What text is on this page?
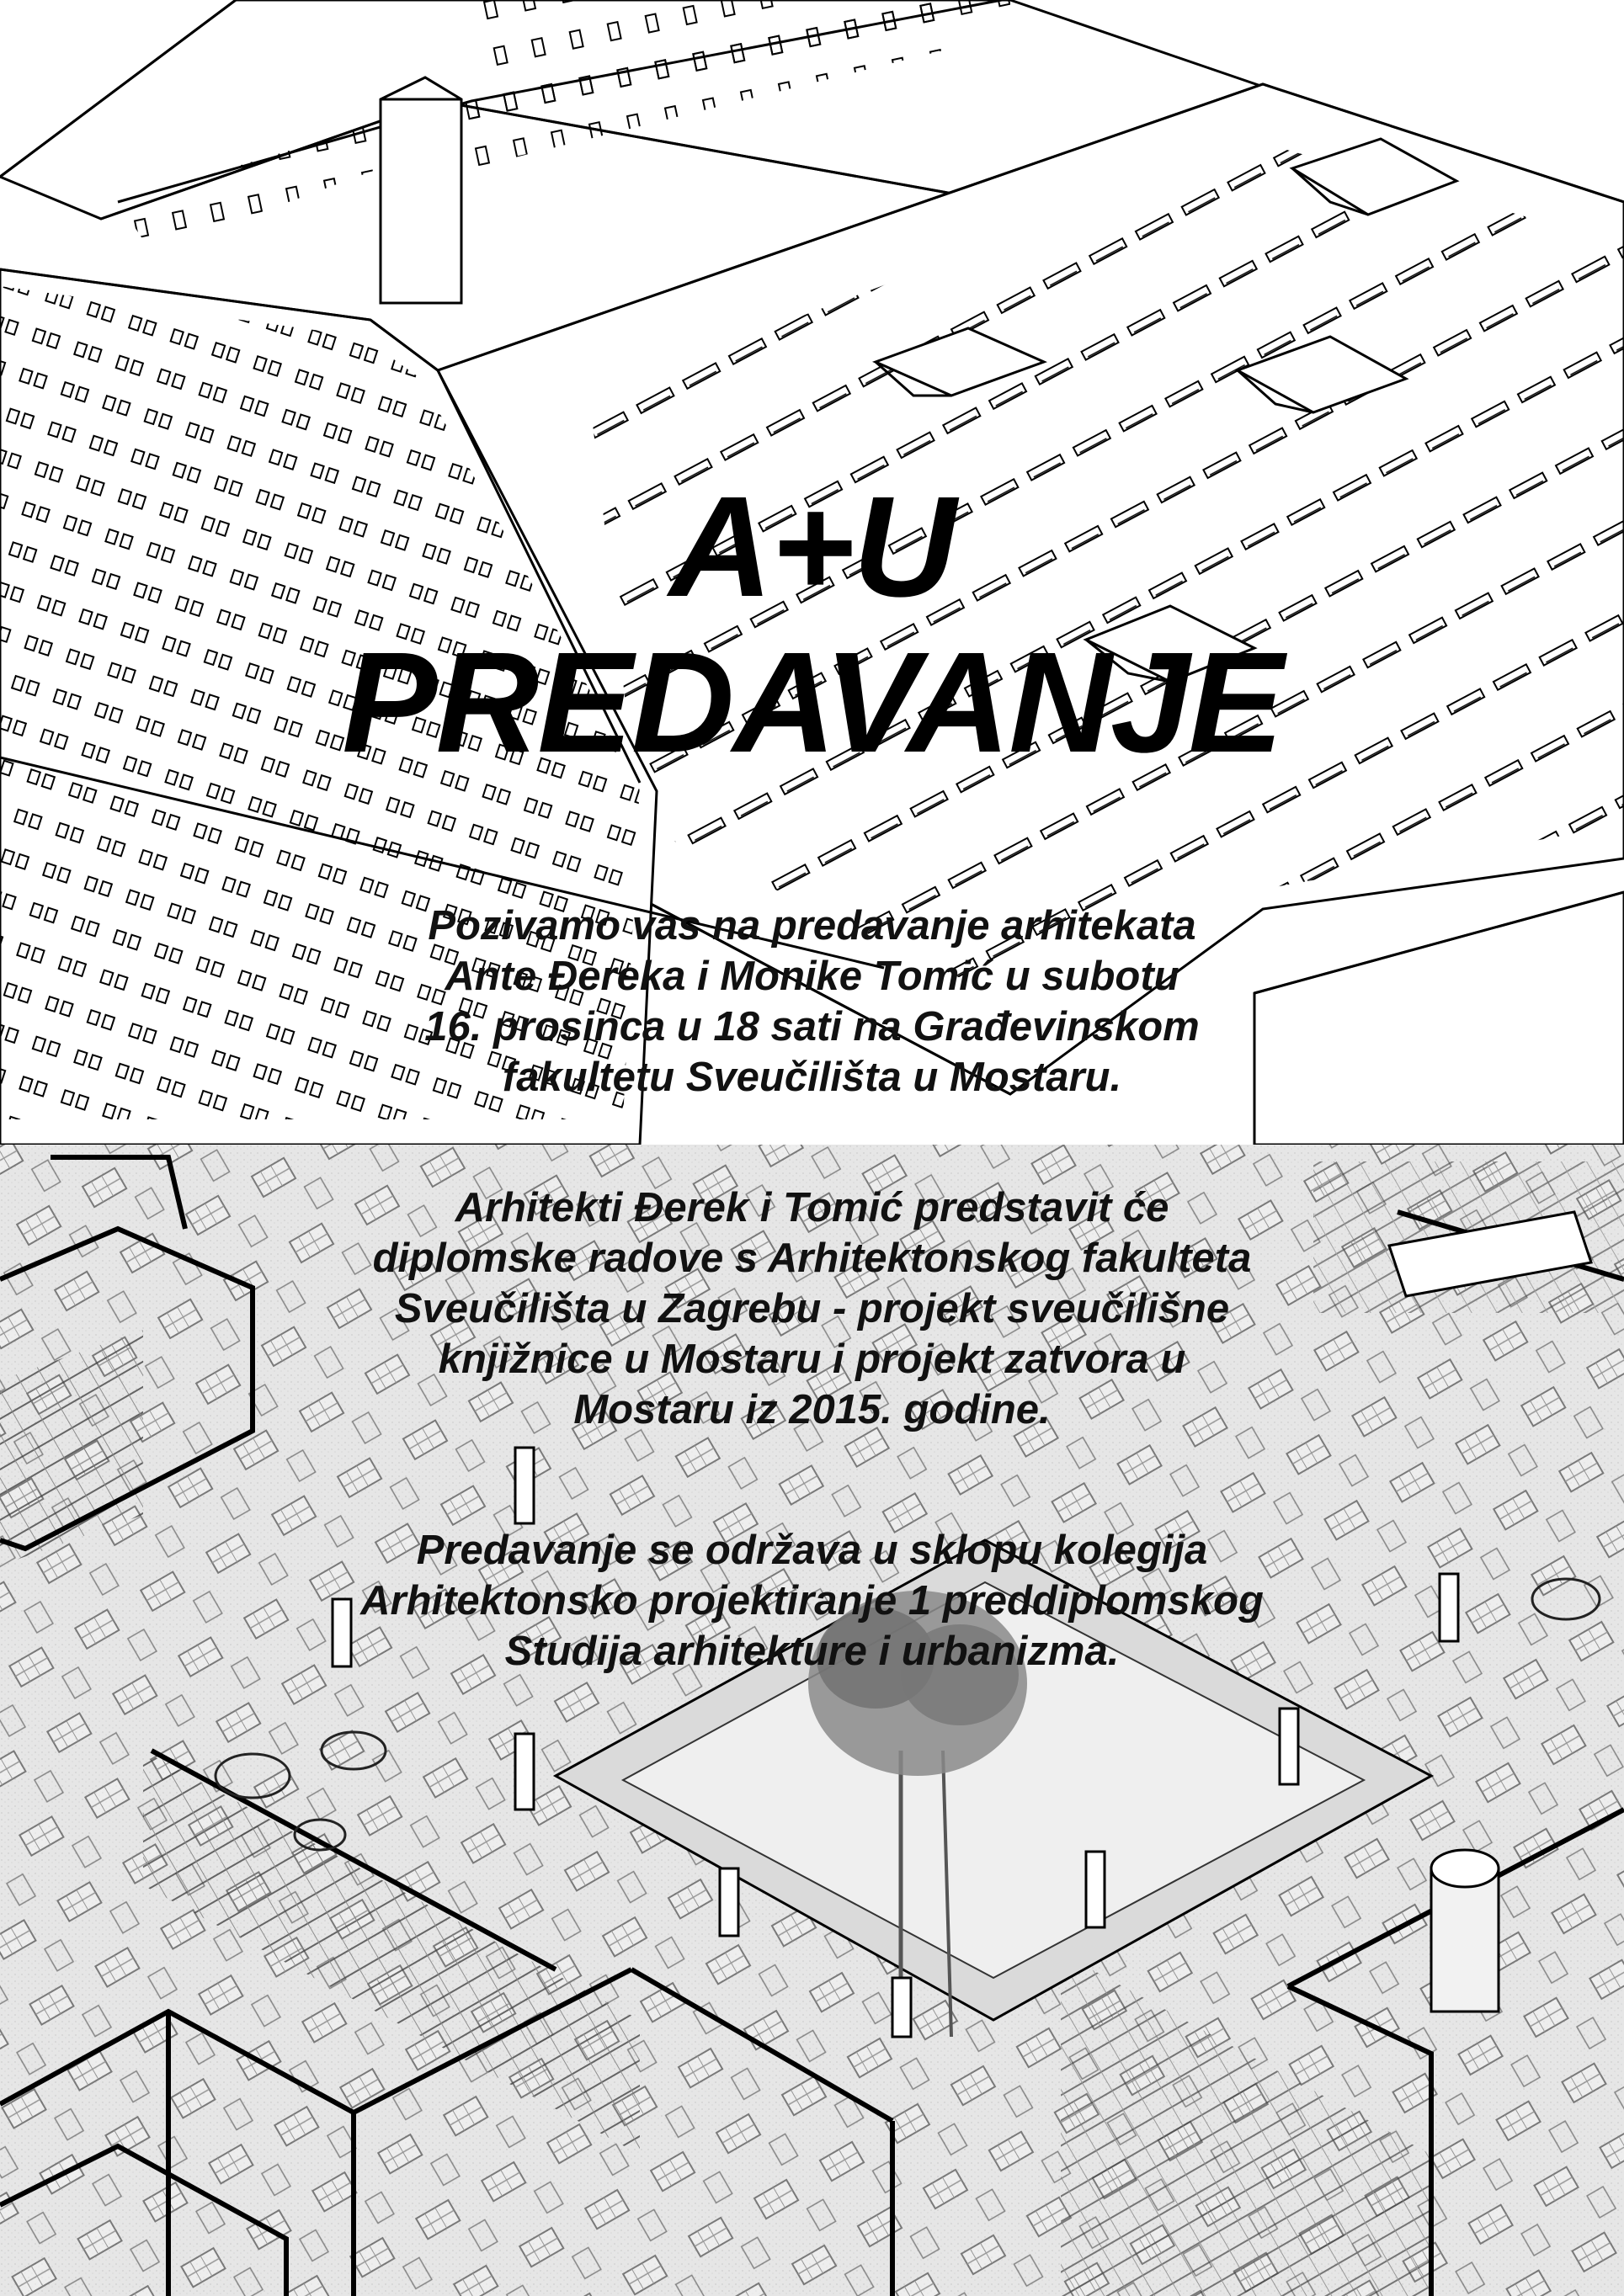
A+U
PREDAVANJE
Pozivamo vas na predavanje arhitekata
Ante Đereka i Monike Tomić u subotu
16. prosinca u 18 sati na Građevinskom
fakultetu Sveučilišta u Mostaru.
Arhitekti Đerek i Tomić predstavit će
diplomske radove s Arhitektonskog fakulteta
Sveučilišta u Zagrebu - projekt sveučilišne
knjižnice u Mostaru i projekt zatvora u
Mostaru iz 2015. godine.
Predavanje se održava u sklopu kolegija
Arhitektonsko projektiranje 1 preddiplomskog
Studija arhitekture i urbanizma.
